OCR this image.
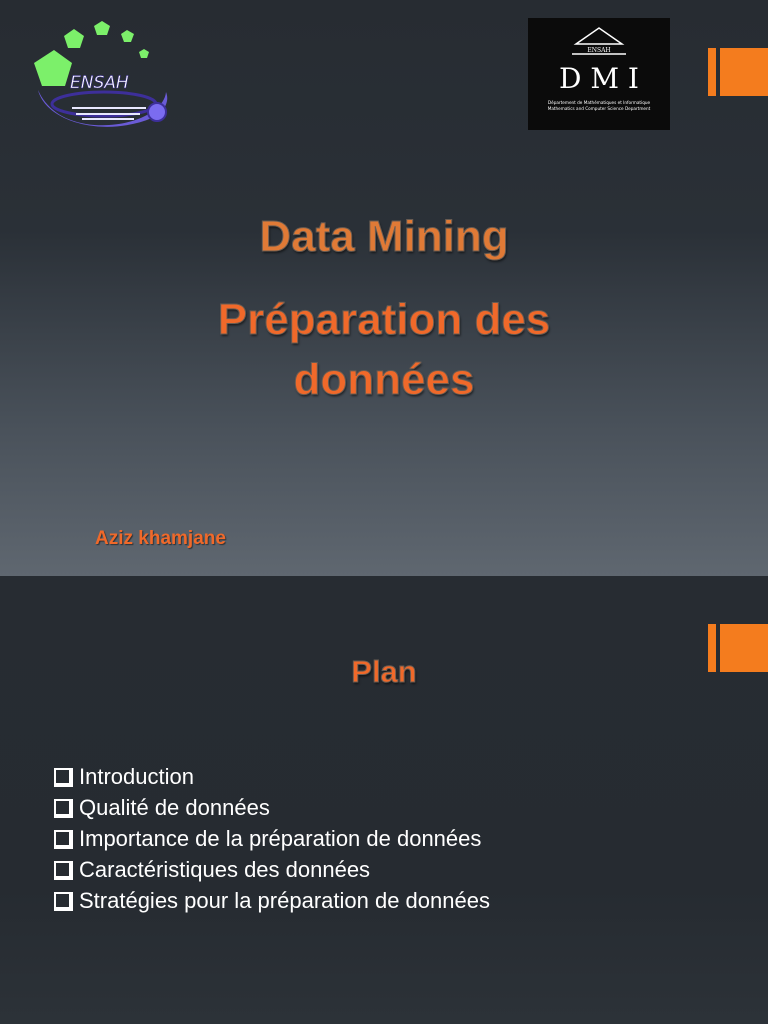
ENSAH
ENSAH
D M I
Département de Mathématiques et Informatique
Mathematics and Computer Science Department
Data Mining
Préparation des
données
Aziz khamjane
Plan
Introduction
Qualité de données
Importance de la préparation de données
Caractéristiques des données
Stratégies pour la préparation de données
